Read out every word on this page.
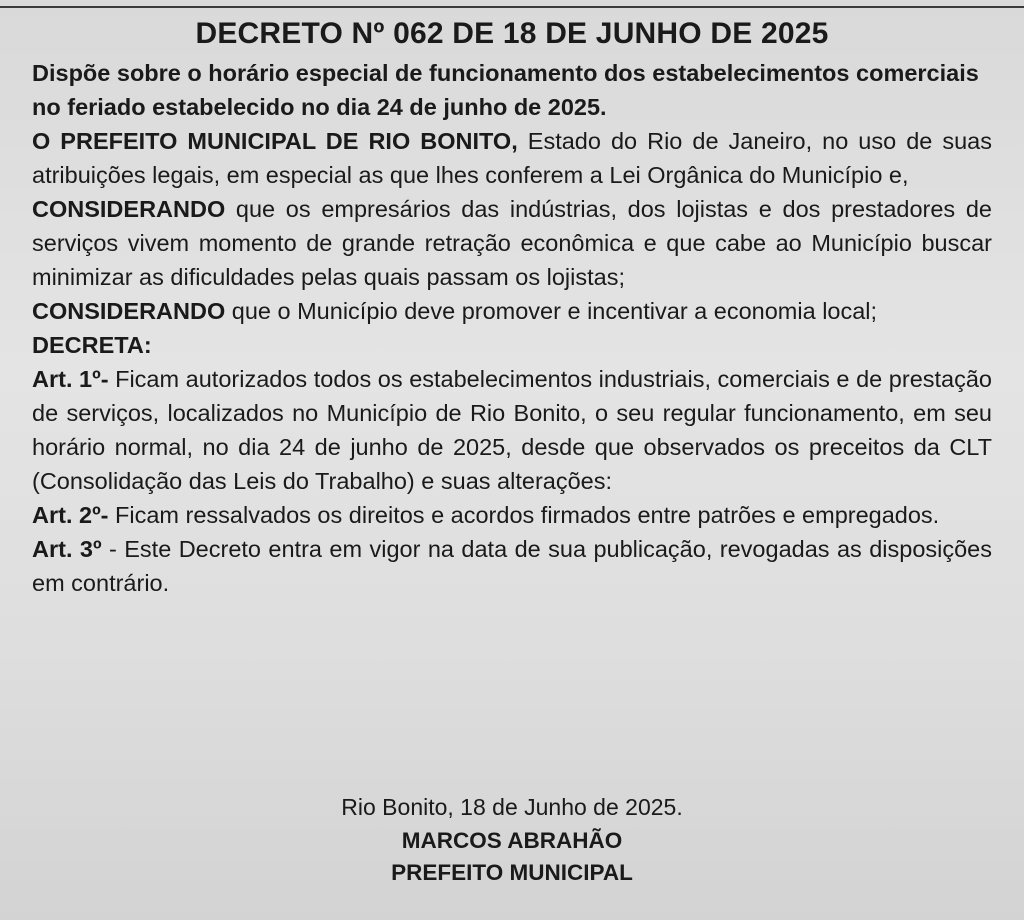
DECRETO Nº 062 DE 18 DE JUNHO DE 2025

Dispõe sobre o horário especial de funcionamento dos estabelecimentos comerciais no feriado estabelecido no dia 24 de junho de 2025.

O PREFEITO MUNICIPAL DE RIO BONITO, Estado do Rio de Janeiro, no uso de suas atribuições legais, em especial as que lhes conferem a Lei Orgânica do Município e,

CONSIDERANDO que os empresários das indústrias, dos lojistas e dos prestadores de serviços vivem momento de grande retração econômica e que cabe ao Município buscar minimizar as dificuldades pelas quais passam os lojistas;

CONSIDERANDO que o Município deve promover e incentivar a economia local;

DECRETA:

Art. 1º- Ficam autorizados todos os estabelecimentos industriais, comerciais e de prestação de serviços, localizados no Município de Rio Bonito, o seu regular funcionamento, em seu horário normal, no dia 24 de junho de 2025, desde que observados os preceitos da CLT (Consolidação das Leis do Trabalho) e suas alterações:

Art. 2º- Ficam ressalvados os direitos e acordos firmados entre patrões e empregados.

Art. 3º - Este Decreto entra em vigor na data de sua publicação, revogadas as disposições em contrário.

Rio Bonito, 18 de Junho de 2025.
MARCOS ABRAHÃO
PREFEITO MUNICIPAL
